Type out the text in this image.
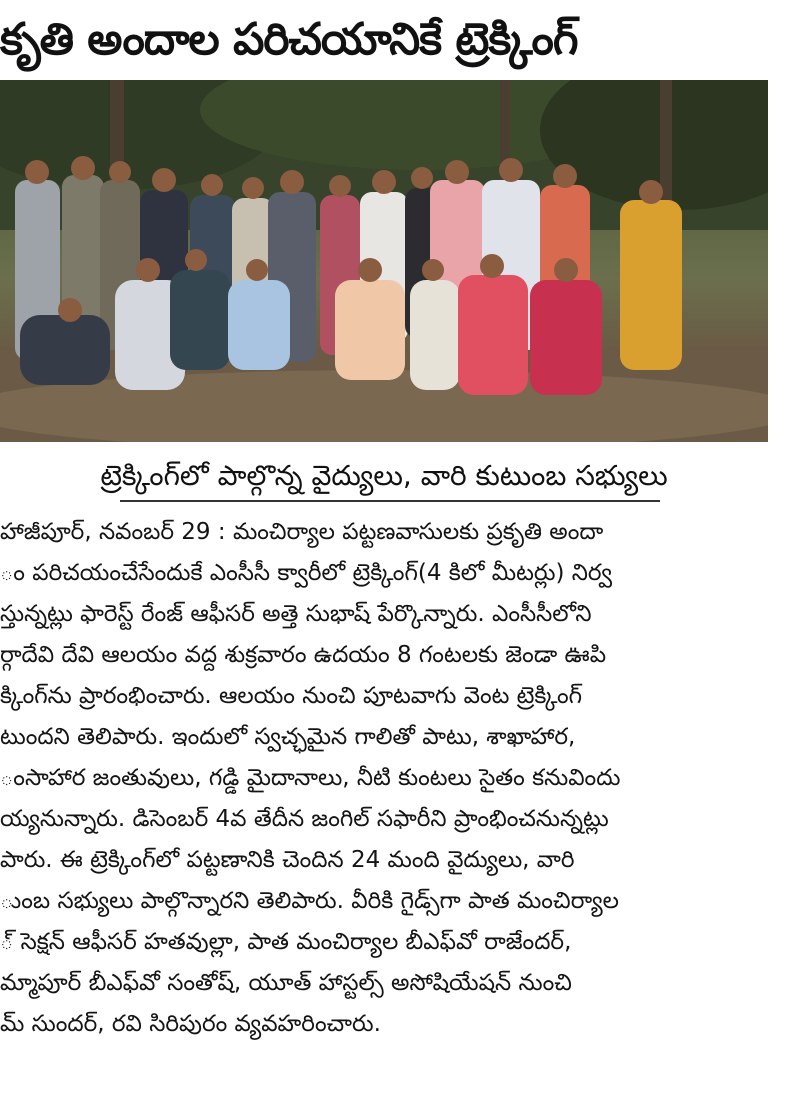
కృతి అందాల పరిచయానికే ట్రెక్కింగ్
ట్రెక్కింగ్‌లో పాల్గొన్న వైద్యులు, వారి కుటుంబ సభ్యులు
హాజీపూర్, నవంబర్ 29 : మంచిర్యాల పట్టణవాసులకు ప్రకృతి అందా
ం పరిచయంచేసేందుకే ఎంసీసీ క్వారీలో ట్రెక్కింగ్(4 కిలో మీటర్లు) నిర్వ
స్తున్నట్లు ఫారెస్ట్ రేంజ్ ఆఫీసర్ అత్తె సుభాష్ పేర్కొన్నారు. ఎంసీసీలోని
ర్గాదేవి దేవి ఆలయం వద్ద శుక్రవారం ఉదయం 8 గంటలకు జెండా ఊపి
క్కింగ్‌ను ప్రారంభించారు. ఆలయం నుంచి పూటవాగు వెంట ట్రెక్కింగ్
టుందని తెలిపారు. ఇందులో స్వచ్ఛమైన గాలితో పాటు, శాఖాహార,
ంసాహార జంతువులు, గడ్డి మైదానాలు, నీటి కుంటలు సైతం కనువిందు
య్యనున్నారు. డిసెంబర్ 4వ తేదీన జంగిల్ సఫారీని ప్రాంభించనున్నట్లు
పారు. ఈ ట్రెక్కింగ్‌లో పట్టణానికి చెందిన 24 మంది వైద్యులు, వారి
ుంబ సభ్యులు పాల్గొన్నారని తెలిపారు. వీరికి గైడ్స్‌గా పాత మంచిర్యాల
్ సెక్షన్ ఆఫీసర్ హతవుల్లా, పాత మంచిర్యాల బీఎఫ్‌వో రాజేందర్,
మ్మాపూర్ బీఎఫ్‌వో సంతోష్, యూత్ హాస్టల్స్ అసోషియేషన్ నుంచి
మ్ సుందర్, రవి సిరిపురం వ్యవహరించారు.
